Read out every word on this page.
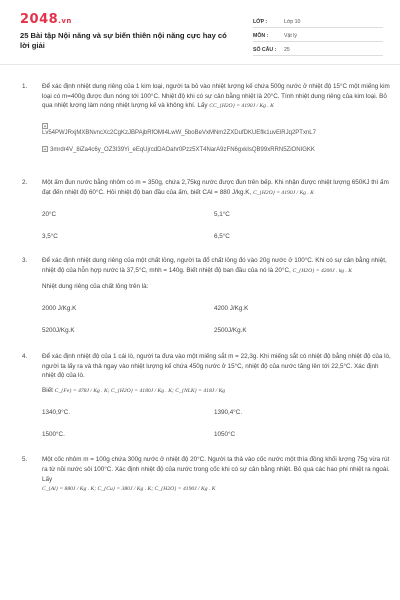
2048.vn
25 Bài tập Nội năng và sự biến thiên nội năng cực hay có lời giải
LỚP :	Lớp 10
MÔN :	Vật lý
SỐ CÂU :	25
1. Để xác định nhiệt dung riêng của 1 kim loại, người ta bỏ vào nhiệt lượng kế chứa 500g nước ở nhiệt độ 15°C một miếng kim loại có m=400g được đun nóng tới 100°C. Nhiệt độ khi có sự cân bằng nhiệt là 20°C. Tính nhiệt dung riêng của kim loại. Bỏ qua nhiệt lượng làm nóng nhiệt lượng kế và không khí. Lấy CC_{H2O} = 4190J / Kg . K

Lv54PWJRxjMXBNvncXc2CgKzJBPAjbRfOMI4LwW_5boBeVxMNm2ZXDufDKUEflk1uvElRJq2PTxnL7
3mrdr4V_8iZa4c6y_OZ3I39Yi_eEqUjrcdDAOahr0Pzz5XT4NarA9zFN6gxkIsQB99xRRN5ZiONIGKK
2. Một ấm đun nước bằng nhôm có m = 350g, chứa 2,75kg nước được đun trên bếp. Khi nhận được nhiệt lượng 650KJ thì ấm đạt đến nhiệt độ 60°C. Hỏi nhiệt độ ban đầu của ấm, biết CAl = 880 J/kg.K, C_{H2O} = 4190J / Kg . K

20°C	5,1°C
3,5°C	6,5°C
3. Để xác định nhiệt dung riêng của một chất lỏng, người ta đổ chất lỏng đó vào 20g nước ở 100°C. Khi có sự cân bằng nhiệt, nhiệt độ của hỗn hợp nước là 37,5°C, mhh = 140g. Biết nhiệt độ ban đầu của nó là 20°C, C_{H2O} = 4200J . kg . K

Nhiệt dung riêng của chất lỏng trên là:

2000 J/Kg.K	4200 J/Kg.K
5200J/Kg.K	2500J/Kg.K
4. Để xác định nhiệt độ của 1 cái lò, người ta đưa vào một miếng sắt m = 22,3g. Khi miếng sắt có nhiệt độ bằng nhiệt độ của lò, người ta lấy ra và thả ngay vào nhiệt lượng kế chứa 450g nước ở 15°C, nhiệt độ của nước tăng lên tới 22,5°C. Xác định nhiệt độ của lò.

Biết C_{Fe} = 478J / Kg . K; C_{H2O} = 4180J / Kg . K; C_{NLK} = 418J / Kg

1340,9°C.	1390,4°C.
1500°C.	1050°C
5. Một cốc nhôm m = 100g chứa 300g nước ở nhiệt độ 20°C. Người ta thả vào cốc nước một thìa đồng khối lượng 75g vừa rút ra từ nồi nước sôi 100°C. Xác định nhiệt độ của nước trong cốc khi có sự cân bằng nhiệt. Bỏ qua các hao phí nhiệt ra ngoài. Lấy

C_{Al} = 880J / Kg . K; C_{Cu} = 380J / Kg . K; C_{H2O} = 4190J / Kg . K
